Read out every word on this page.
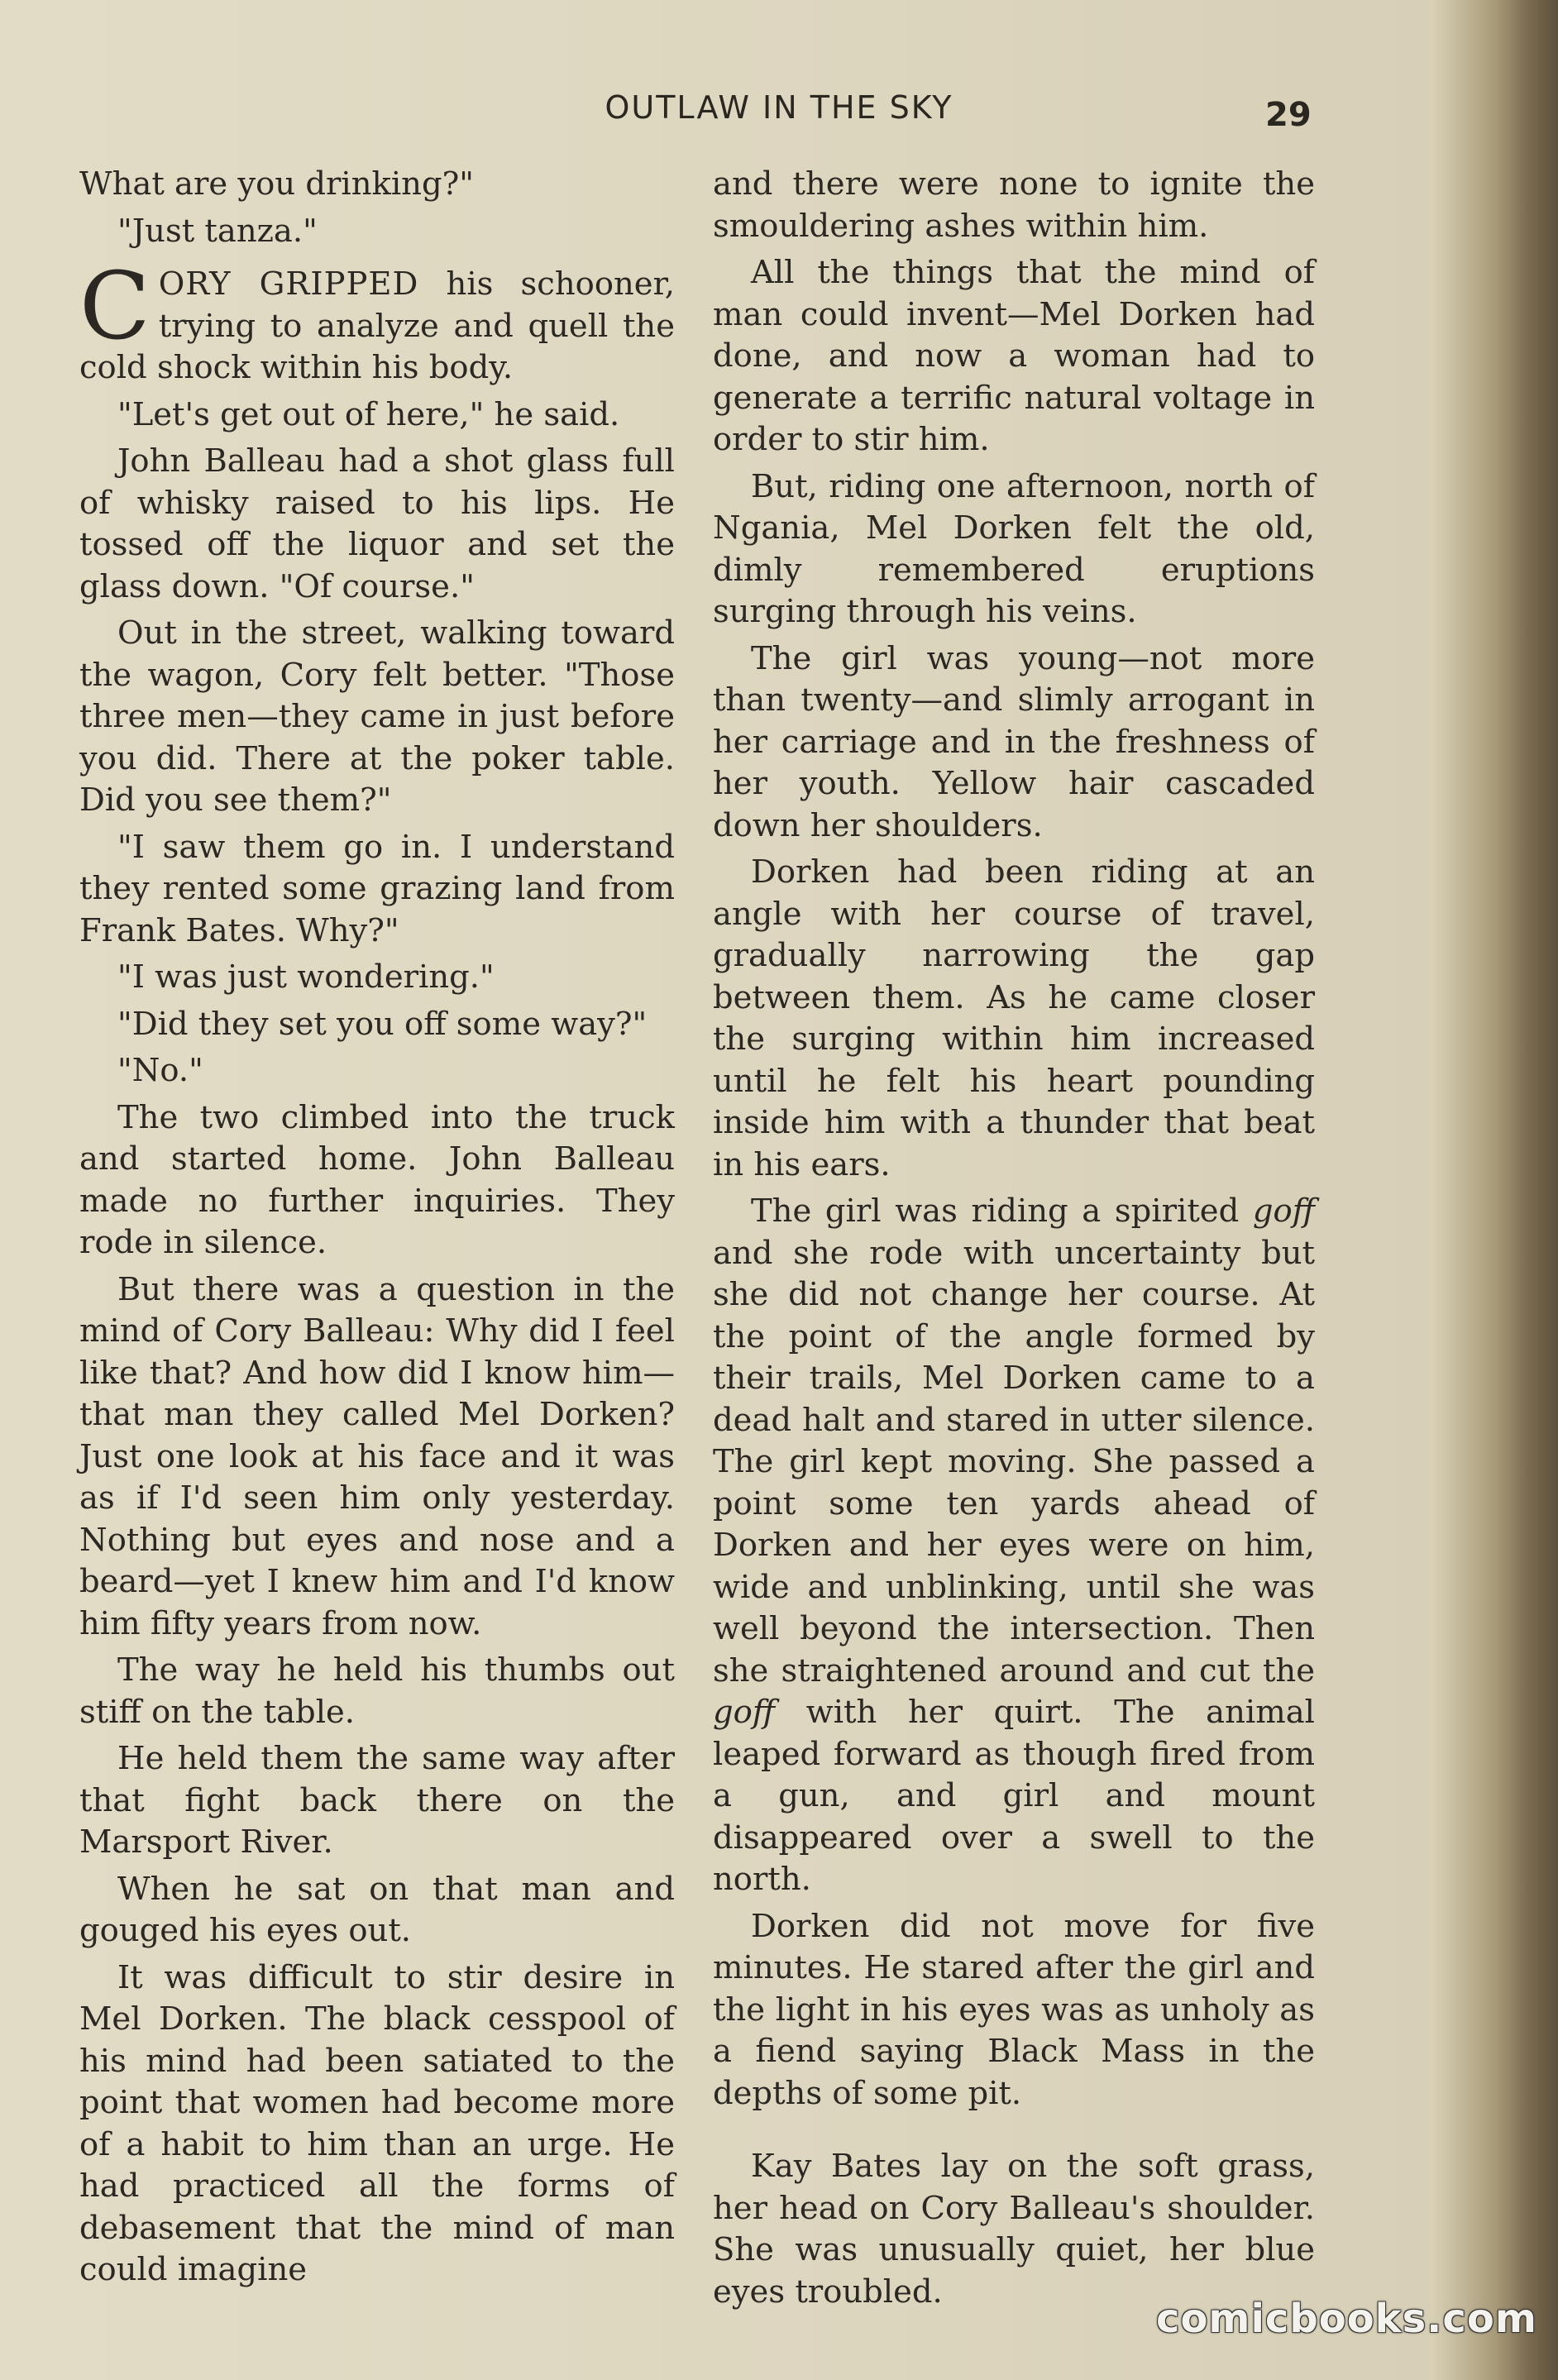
OUTLAW IN THE SKY	29

What are you drinking?"

"Just tanza."

CORY GRIPPED his schooner, trying to analyze and quell the cold shock within his body.

"Let's get out of here," he said.

John Balleau had a shot glass full of whisky raised to his lips. He tossed off the liquor and set the glass down. "Of course."

Out in the street, walking toward the wagon, Cory felt better. "Those three men—they came in just before you did. There at the poker table. Did you see them?"

"I saw them go in. I understand they rented some grazing land from Frank Bates. Why?"

"I was just wondering."

"Did they set you off some way?"

"No."

The two climbed into the truck and started home. John Balleau made no further inquiries. They rode in silence.

But there was a question in the mind of Cory Balleau: Why did I feel like that? And how did I know him—that man they called Mel Dorken? Just one look at his face and it was as if I'd seen him only yesterday. Nothing but eyes and nose and a beard—yet I knew him and I'd know him fifty years from now.

The way he held his thumbs out stiff on the table.

He held them the same way after that fight back there on the Marsport River.

When he sat on that man and gouged his eyes out.

It was difficult to stir desire in Mel Dorken. The black cesspool of his mind had been satiated to the point that women had become more of a habit to him than an urge. He had practiced all the forms of debasement that the mind of man could imagine

and there were none to ignite the smouldering ashes within him.

All the things that the mind of man could invent—Mel Dorken had done, and now a woman had to generate a terrific natural voltage in order to stir him.

But, riding one afternoon, north of Ngania, Mel Dorken felt the old, dimly remembered eruptions surging through his veins.

The girl was young—not more than twenty—and slimly arrogant in her carriage and in the freshness of her youth. Yellow hair cascaded down her shoulders.

Dorken had been riding at an angle with her course of travel, gradually narrowing the gap between them. As he came closer the surging within him increased until he felt his heart pounding inside him with a thunder that beat in his ears.

The girl was riding a spirited goff and she rode with uncertainty but she did not change her course. At the point of the angle formed by their trails, Mel Dorken came to a dead halt and stared in utter silence. The girl kept moving. She passed a point some ten yards ahead of Dorken and her eyes were on him, wide and unblinking, until she was well beyond the intersection. Then she straightened around and cut the goff with her quirt. The animal leaped forward as though fired from a gun, and girl and mount disappeared over a swell to the north.

Dorken did not move for five minutes. He stared after the girl and the light in his eyes was as unholy as a fiend saying Black Mass in the depths of some pit.

Kay Bates lay on the soft grass, her head on Cory Balleau's shoulder. She was unusually quiet, her blue eyes troubled.

comicbooks.com
